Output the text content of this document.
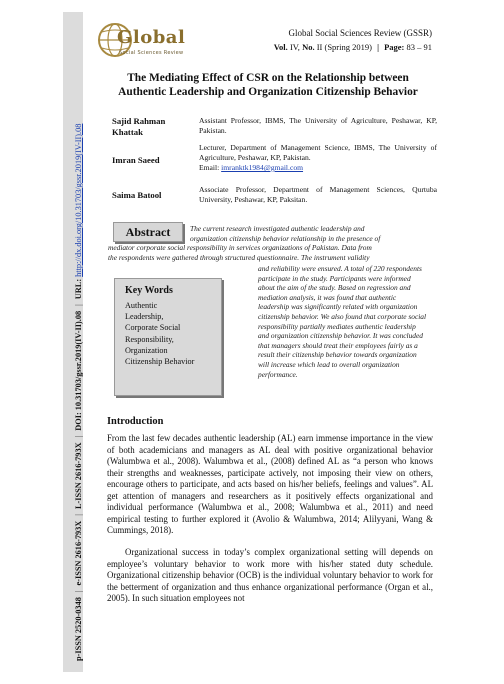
p-ISSN 2520-0348|e-ISSN 2616-793X|L-ISSN 2616-793X|DOI: 10.31703/gssr.2019(IV-II).08|URL: http://dx.doi.org/10.31703/gssr.2019(IV-II).08
Global
Social Sciences Review
Global Social Sciences Review (GSSR)
Vol. IV, No. II (Spring 2019) | Page: 83 – 91
The Mediating Effect of CSR on the Relationship between
Authentic Leadership and Organization Citizenship Behavior
Sajid Rahman
Khattak
Assistant Professor, IBMS, The University of Agriculture, Peshawar, KP, Pakistan.
Imran Saeed
Lecturer, Department of Management Science, IBMS, The University of Agriculture, Peshawar, KP, Pakistan.
Email: imranktk1984@gmail.com
Saima Batool
Associate Professor, Department of Management Sciences, Qurtuba University, Peshawar, KP, Paksitan.
Abstract	The current research investigated authentic leadership and
organization citizenship behavior relationship in the presence of
mediator corporate social responsibility in services organizations of Pakistan. Data from
the respondents were gathered through structured questionnaire. The instrument validity
and reliability were ensured. A total of 220 respondents
participate in the study. Participants were informed
about the aim of the study. Based on regression and
mediation analysis, it was found that authentic
leadership was significantly related with organization
citizenship behavior. We also found that corporate social
responsibility partially mediates authentic leadership
and organization citizenship behavior. It was concluded
that managers should treat their employees fairly as a
result their citizenship behavior towards organization
will increase which lead to overall organization
performance.
Key Words
Authentic
Leadership,
Corporate Social
Responsibility,
Organization
Citizenship Behavior
Introduction
From the last few decades authentic leadership (AL) earn immense importance in the view of both academicians and managers as AL deal with positive organizational behavior (Walumbwa et al., 2008). Walumbwa et al., (2008) defined AL as “a person who knows their strengths and weaknesses, participate actively, not imposing their view on others, encourage others to participate, and acts based on his/her beliefs, feelings and values”. AL get attention of managers and researchers as it positively effects organizational and individual performance (Walumbwa et al., 2008; Walumbwa et al., 2011) and need empirical testing to further explored it (Avolio & Walumbwa, 2014; Alilyyani, Wang & Cummings, 2018).
Organizational success in today’s complex organizational setting will depends on employee’s voluntary behavior to work more with his/her stated duty schedule. Organizational citizenship behavior (OCB) is the individual voluntary behavior to work for the betterment of organization and thus enhance organizational performance (Organ et al., 2005). In such situation employees not
